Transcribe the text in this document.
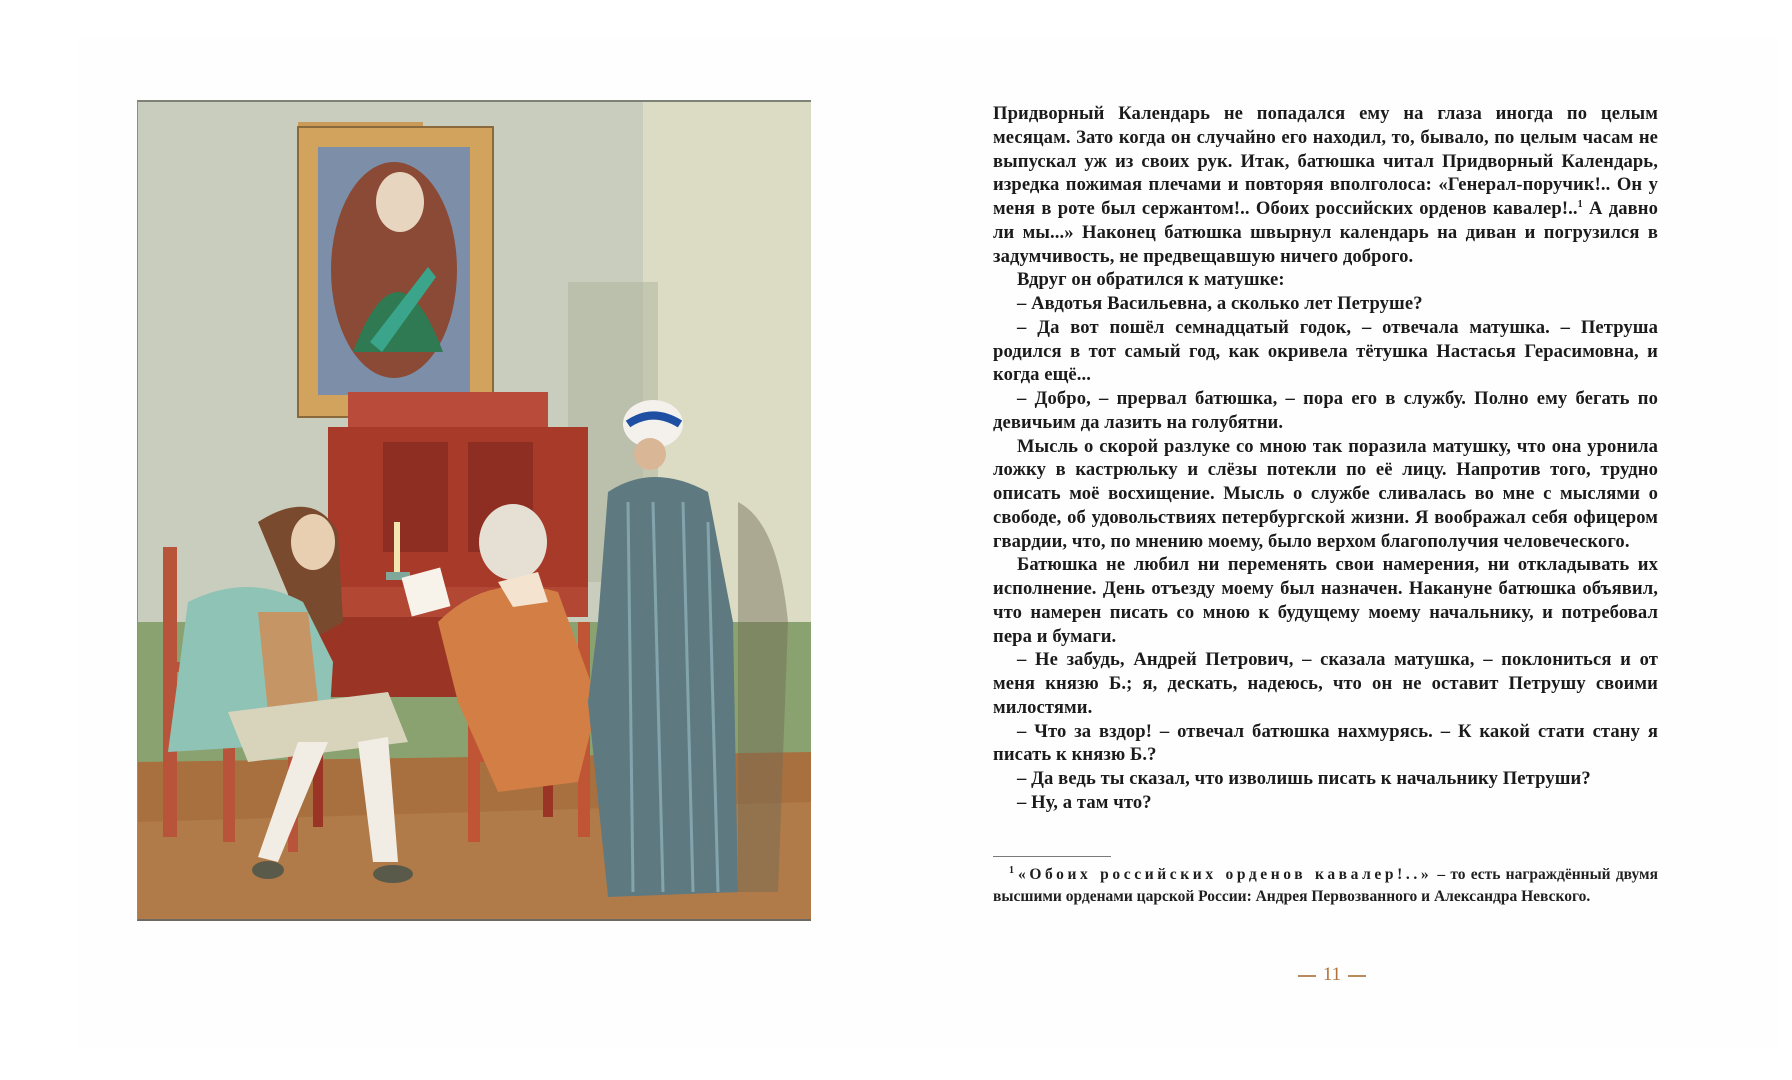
Придворный Календарь не попадался ему на глаза иногда по целым месяцам. Зато когда он случайно его находил, то, бывало, по целым часам не выпускал уж из своих рук. Итак, батюшка читал Придворный Календарь, изредка пожимая плечами и повторяя вполголоса: «Генерал-поручик!.. Он у меня в роте был сержантом!.. Обоих российских орденов кавалер!..$^1$ А давно ли мы...» Наконец батюшка швырнул календарь на диван и погрузился в задумчивость, не предвещавшую ничего доброго.

Вдруг он обратился к матушке:

– Авдотья Васильевна, а сколько лет Петруше?

– Да вот пошёл семнадцатый годок, – отвечала матушка. – Петруша родился в тот самый год, как окривела тётушка Настасья Герасимовна, и когда ещё...

– Добро, – прервал батюшка, – пора его в службу. Полно ему бегать по девичьим да лазить на голубятни.

Мысль о скорой разлуке со мною так поразила матушку, что она уронила ложку в кастрюльку и слёзы потекли по её лицу. Напротив того, трудно описать моё восхищение. Мысль о службе сливалась во мне с мыслями о свободе, об удовольствиях петербургской жизни. Я воображал себя офицером гвардии, что, по мнению моему, было верхом благополучия человеческого.

Батюшка не любил ни переменять свои намерения, ни откладывать их исполнение. День отъезду моему был назначен. Накануне батюшка объявил, что намерен писать со мною к будущему моему начальнику, и потребовал пера и бумаги.

– Не забудь, Андрей Петрович, – сказала матушка, – поклониться и от меня князю Б.; я, дескать, надеюсь, что он не оставит Петрушу своими милостями.

– Что за вздор! – отвечал батюшка нахмурясь. – К какой стати стану я писать к князю Б.?

– Да ведь ты сказал, что изволишь писать к начальнику Петруши?

– Ну, а там что?

$^1$ «Обоих российских орденов кавалер!..» – то есть награждённый двумя высшими орденами царской России: Андрея Первозванного и Александра Невского.
11
